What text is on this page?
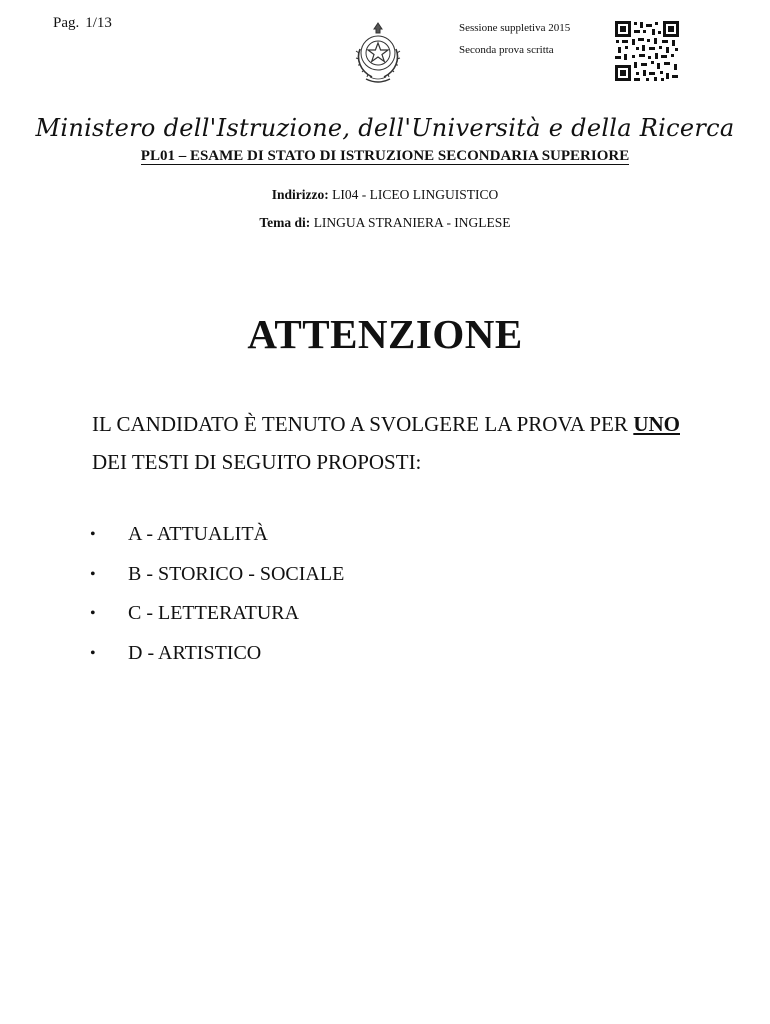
Pag. 1/13	Sessione suppletiva 2015
Seconda prova scritta
Ministero dell'Istruzione, dell'Università e della Ricerca
PL01 – ESAME DI STATO DI ISTRUZIONE SECONDARIA SUPERIORE
Indirizzo: LI04 - LICEO LINGUISTICO
Tema di: LINGUA STRANIERA - INGLESE
ATTENZIONE
IL CANDIDATO È TENUTO A SVOLGERE LA PROVA PER UNO DEI TESTI DI SEGUITO PROPOSTI:
•	A - ATTUALITÀ
•	B - STORICO - SOCIALE
•	C - LETTERATURA
•	D - ARTISTICO
